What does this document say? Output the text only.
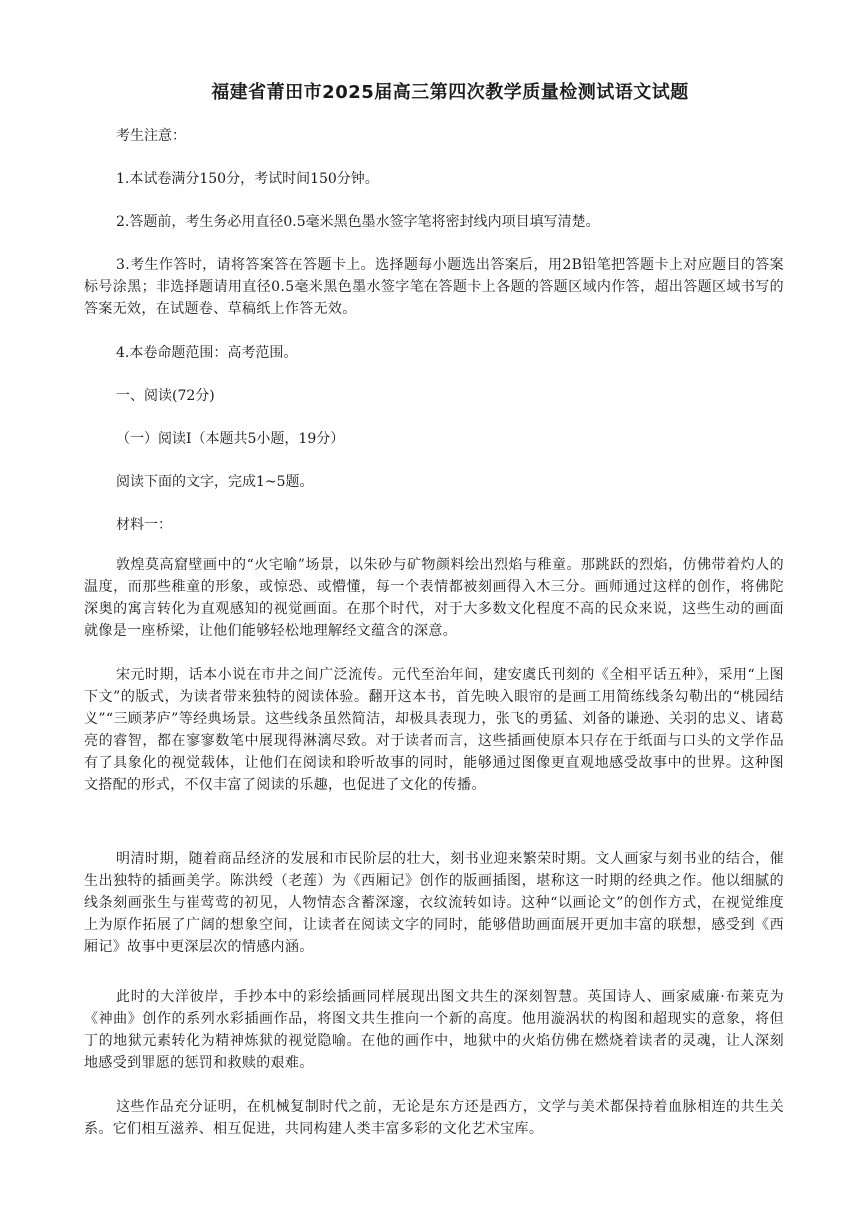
福建省莆田市2025届高三第四次教学质量检测试语文试题
考生注意：
1.本试卷满分150分，考试时间150分钟。
2.答题前，考生务必用直径0.5毫米黑色墨水签字笔将密封线内项目填写清楚。
3.考生作答时，请将答案答在答题卡上。选择题每小题选出答案后，用2B铅笔把答题卡上对应题目的答案标号涂黑；非选择题请用直径0.5毫米黑色墨水签字笔在答题卡上各题的答题区域内作答，超出答题区域书写的答案无效，在试题卷、草稿纸上作答无效。
4.本卷命题范围：高考范围。
一、阅读(72分)
（一）阅读Ⅰ（本题共5小题，19分）
阅读下面的文字，完成1~5题。
材料一：
敦煌莫高窟壁画中的“火宅喻”场景，以朱砂与矿物颜料绘出烈焰与稚童。那跳跃的烈焰，仿佛带着灼人的温度，而那些稚童的形象，或惊恐、或懵懂，每一个表情都被刻画得入木三分。画师通过这样的创作，将佛陀深奥的寓言转化为直观感知的视觉画面。在那个时代，对于大多数文化程度不高的民众来说，这些生动的画面就像是一座桥梁，让他们能够轻松地理解经文蕴含的深意。
宋元时期，话本小说在市井之间广泛流传。元代至治年间，建安虞氏刊刻的《全相平话五种》，采用“上图下文”的版式，为读者带来独特的阅读体验。翻开这本书，首先映入眼帘的是画工用简练线条勾勒出的“桃园结义”“三顾茅庐”等经典场景。这些线条虽然简洁，却极具表现力，张飞的勇猛、刘备的谦逊、关羽的忠义、诸葛亮的睿智，都在寥寥数笔中展现得淋漓尽致。对于读者而言，这些插画使原本只存在于纸面与口头的文学作品有了具象化的视觉载体，让他们在阅读和聆听故事的同时，能够通过图像更直观地感受故事中的世界。这种图文搭配的形式，不仅丰富了阅读的乐趣，也促进了文化的传播。
明清时期，随着商品经济的发展和市民阶层的壮大，刻书业迎来繁荣时期。文人画家与刻书业的结合，催生出独特的插画美学。陈洪绶（老莲）为《西厢记》创作的版画插图，堪称这一时期的经典之作。他以细腻的线条刻画张生与崔莺莺的初见，人物情态含蓄深邃，衣纹流转如诗。这种“以画论文”的创作方式，在视觉维度上为原作拓展了广阔的想象空间，让读者在阅读文字的同时，能够借助画面展开更加丰富的联想，感受到《西厢记》故事中更深层次的情感内涵。
此时的大洋彼岸，手抄本中的彩绘插画同样展现出图文共生的深刻智慧。英国诗人、画家威廉·布莱克为《神曲》创作的系列水彩插画作品，将图文共生推向一个新的高度。他用漩涡状的构图和超现实的意象，将但丁的地狱元素转化为精神炼狱的视觉隐喻。在他的画作中，地狱中的火焰仿佛在燃烧着读者的灵魂，让人深刻地感受到罪愿的惩罚和救赎的艰难。
这些作品充分证明，在机械复制时代之前，无论是东方还是西方，文学与美术都保持着血脉相连的共生关系。它们相互滋养、相互促进，共同构建人类丰富多彩的文化艺术宝库。
